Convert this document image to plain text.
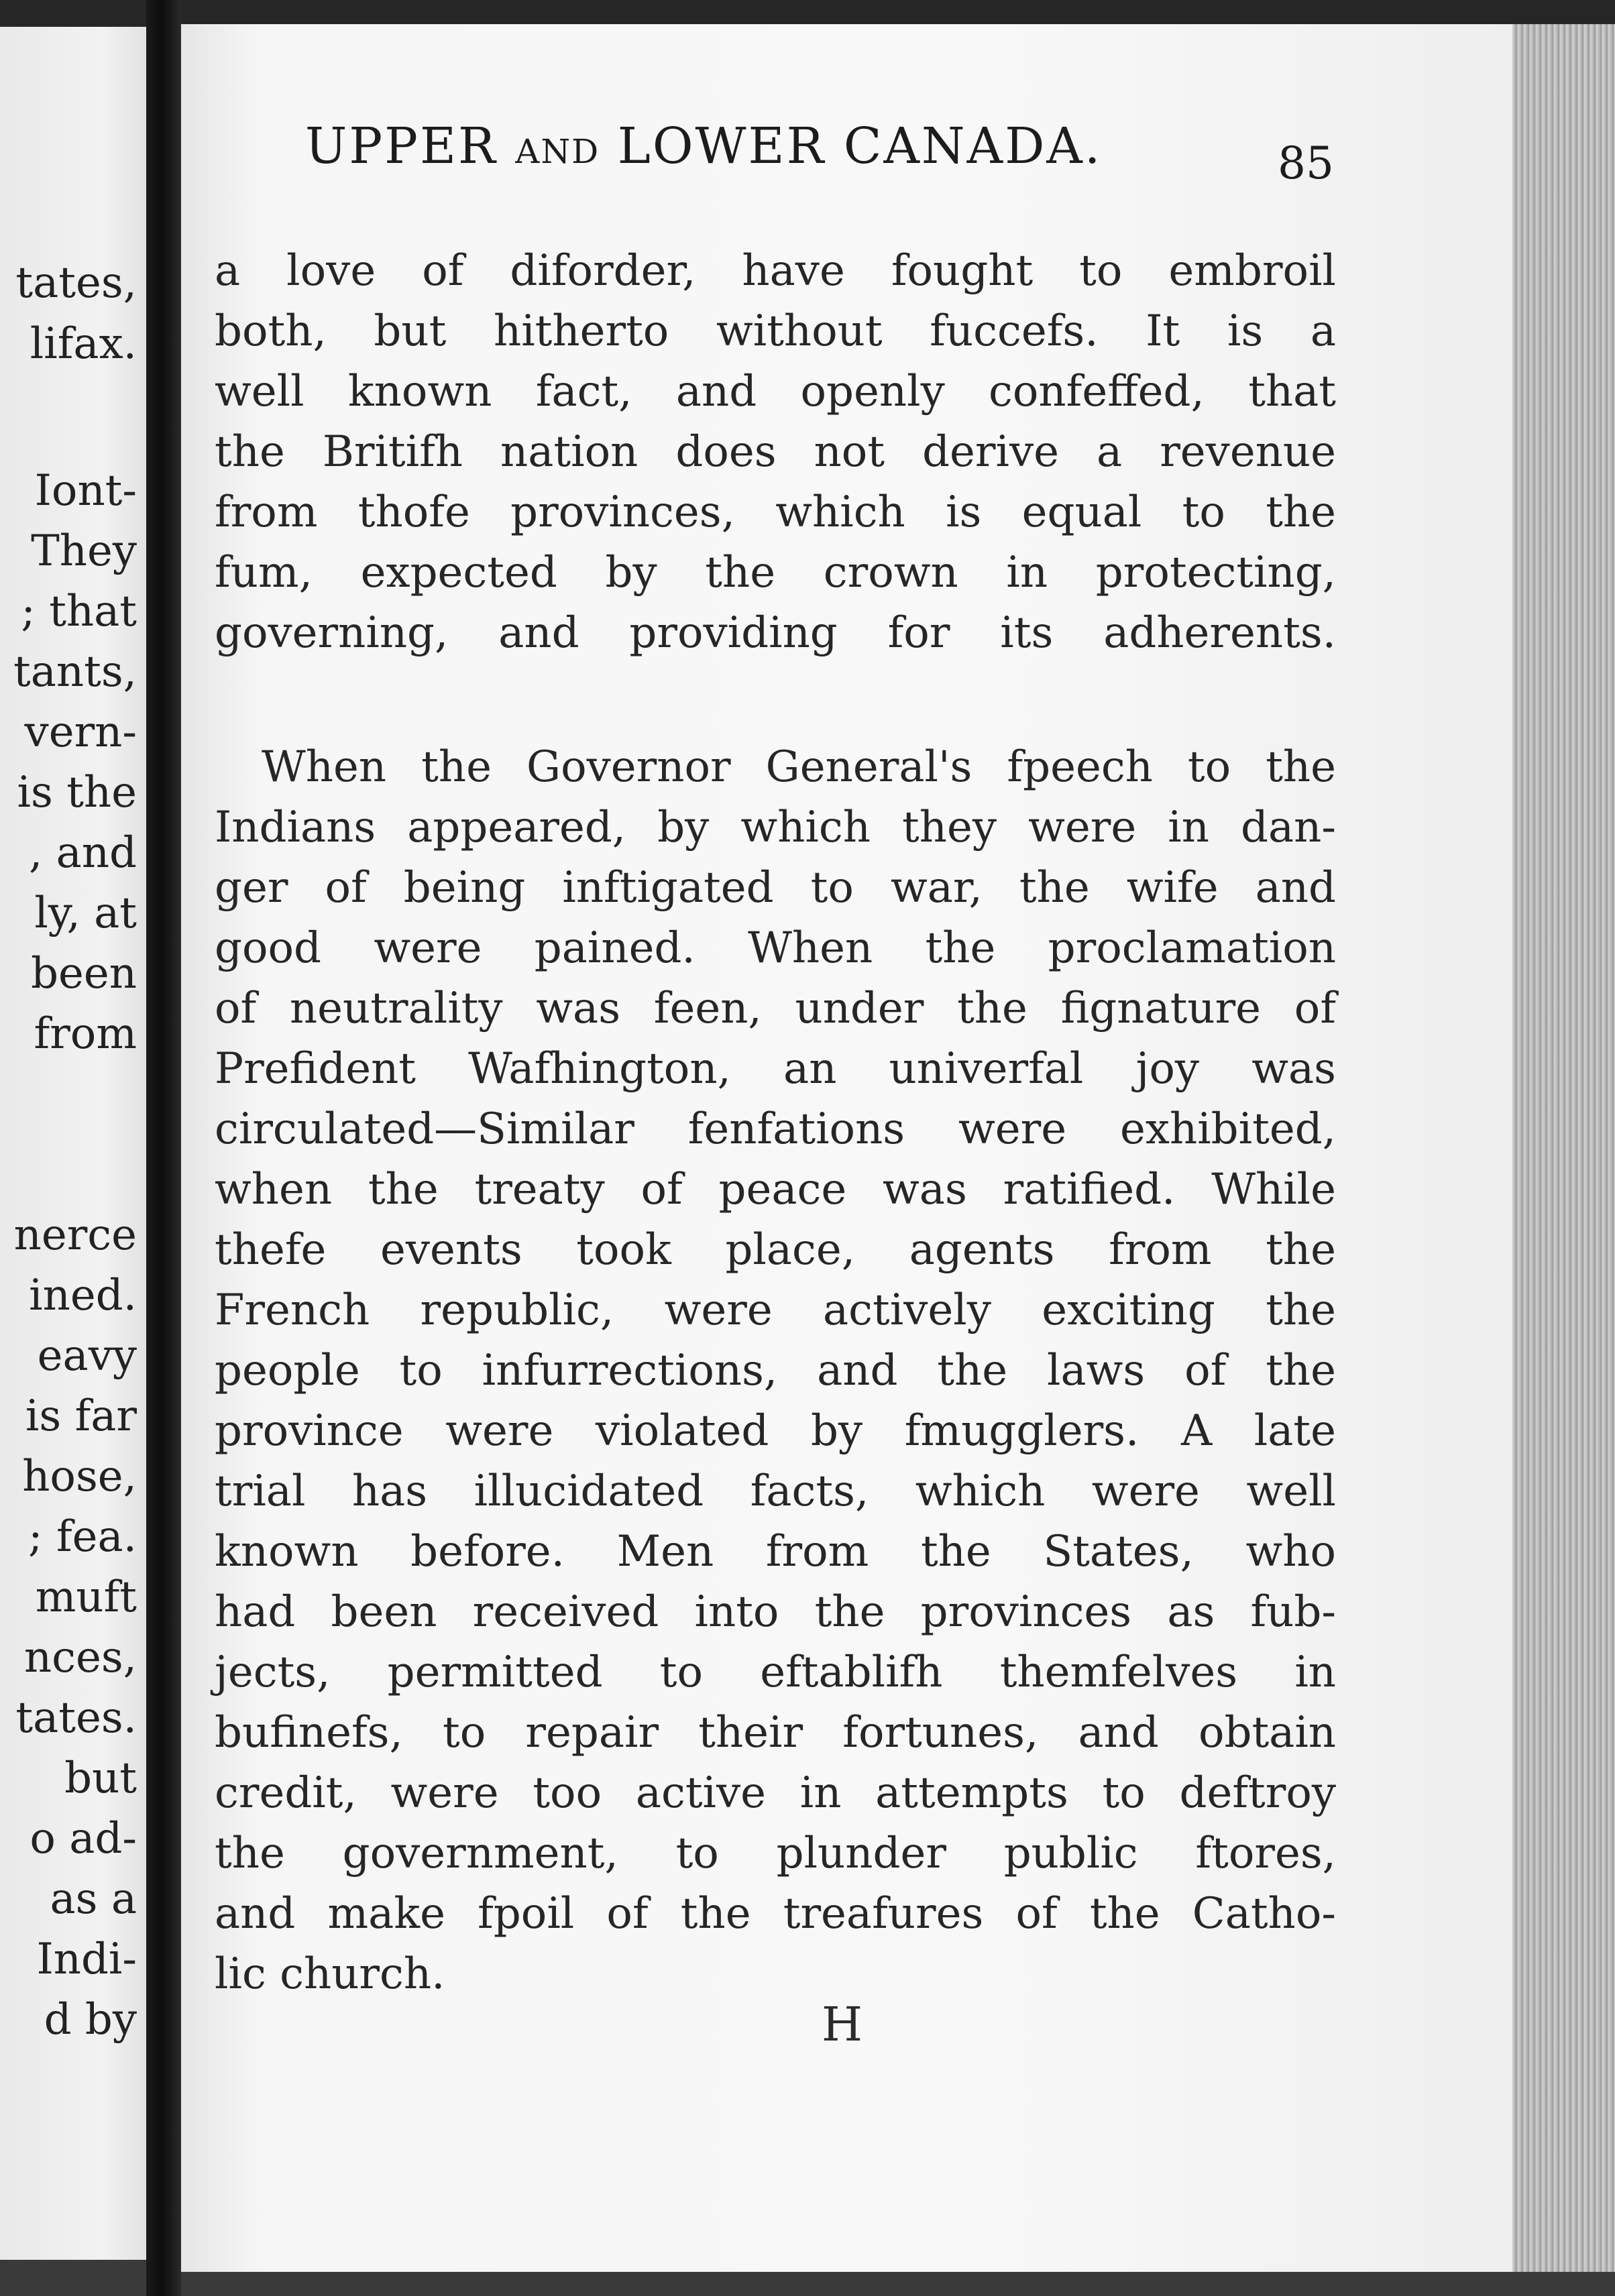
tates,
lifax.
Iont-
They
; that
tants,
vern-
is the
, and
ly, at
been
from
nerce
ined.
eavy
is far
hose,
; fea.
muft
nces,
tates.
but
o ad-
as a
Indi-
d by
UPPER AND LOWER CANADA.	85
a love of diforder, have fought to embroil
both, but hitherto without fuccefs. It is a
well known fact, and openly confeffed, that
the Britifh nation does not derive a revenue
from thofe provinces, which is equal to the
fum, expected by the crown in protecting,
governing, and providing for its adherents.
When the Governor General's fpeech to the
Indians appeared, by which they were in dan-
ger of being inftigated to war, the wife and
good were pained. When the proclamation
of neutrality was feen, under the fignature of
Prefident Wafhington, an univerfal joy was
circulated—Similar fenfations were exhibited,
when the treaty of peace was ratified. While
thefe events took place, agents from the
French republic, were actively exciting the
people to infurrections, and the laws of the
province were violated by fmugglers. A late
trial has illucidated facts, which were well
known before. Men from the States, who
had been received into the provinces as fub-
jects, permitted to eftablifh themfelves in
bufinefs, to repair their fortunes, and obtain
credit, were too active in attempts to deftroy
the government, to plunder public ftores,
and make fpoil of the treafures of the Catho-
lic church.
H
